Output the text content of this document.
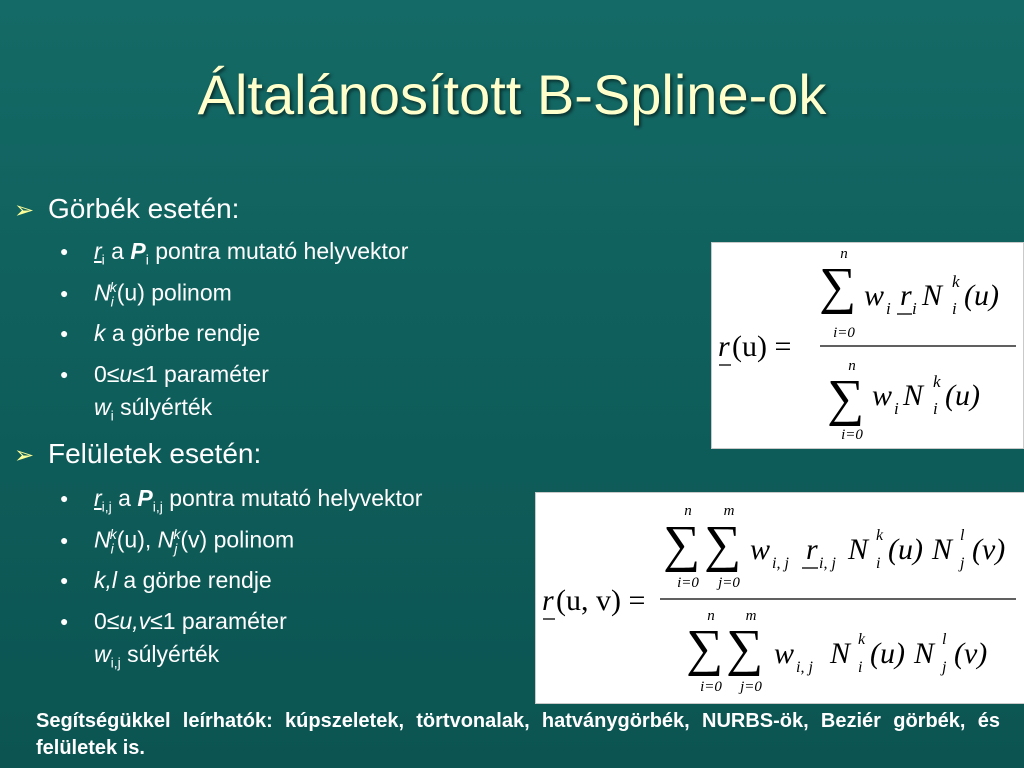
Általánosított B-Spline-ok
➢ Görbék esetén:
● $r_i$ a $P_i$ pontra mutató helyvektor
● $N_i^k(u)$ polinom
● k a görbe rendje
● 0≤u≤1 paraméter
$w_i$ súlyérték
➢ Felületek esetén:
● $r_{i,j}$ a $P_{i,j}$ pontra mutató helyvektor
● $N_i^k(u)$, $N_j^k(v)$ polinom
● k,l a görbe rendje
● 0≤u,v≤1 paraméter
$w_{i,j}$ súlyérték
r (u) =
n
∑
i=0
w i r i N k
i (u)
n
∑
i=0
w i N k
i (u)
r (u, v) =
n
∑
i=0
m
∑
j=0
w i, j r i, j N k
i (u) N l
j (v)
n
∑
i=0
m
∑
j=0
w i, j N k
i (u) N l
j (v)
Segítségükkel leírhatók: kúpszeletek, törtvonalak, hatványgörbék, NURBS-ök, Beziér görbék, és felületek is.
